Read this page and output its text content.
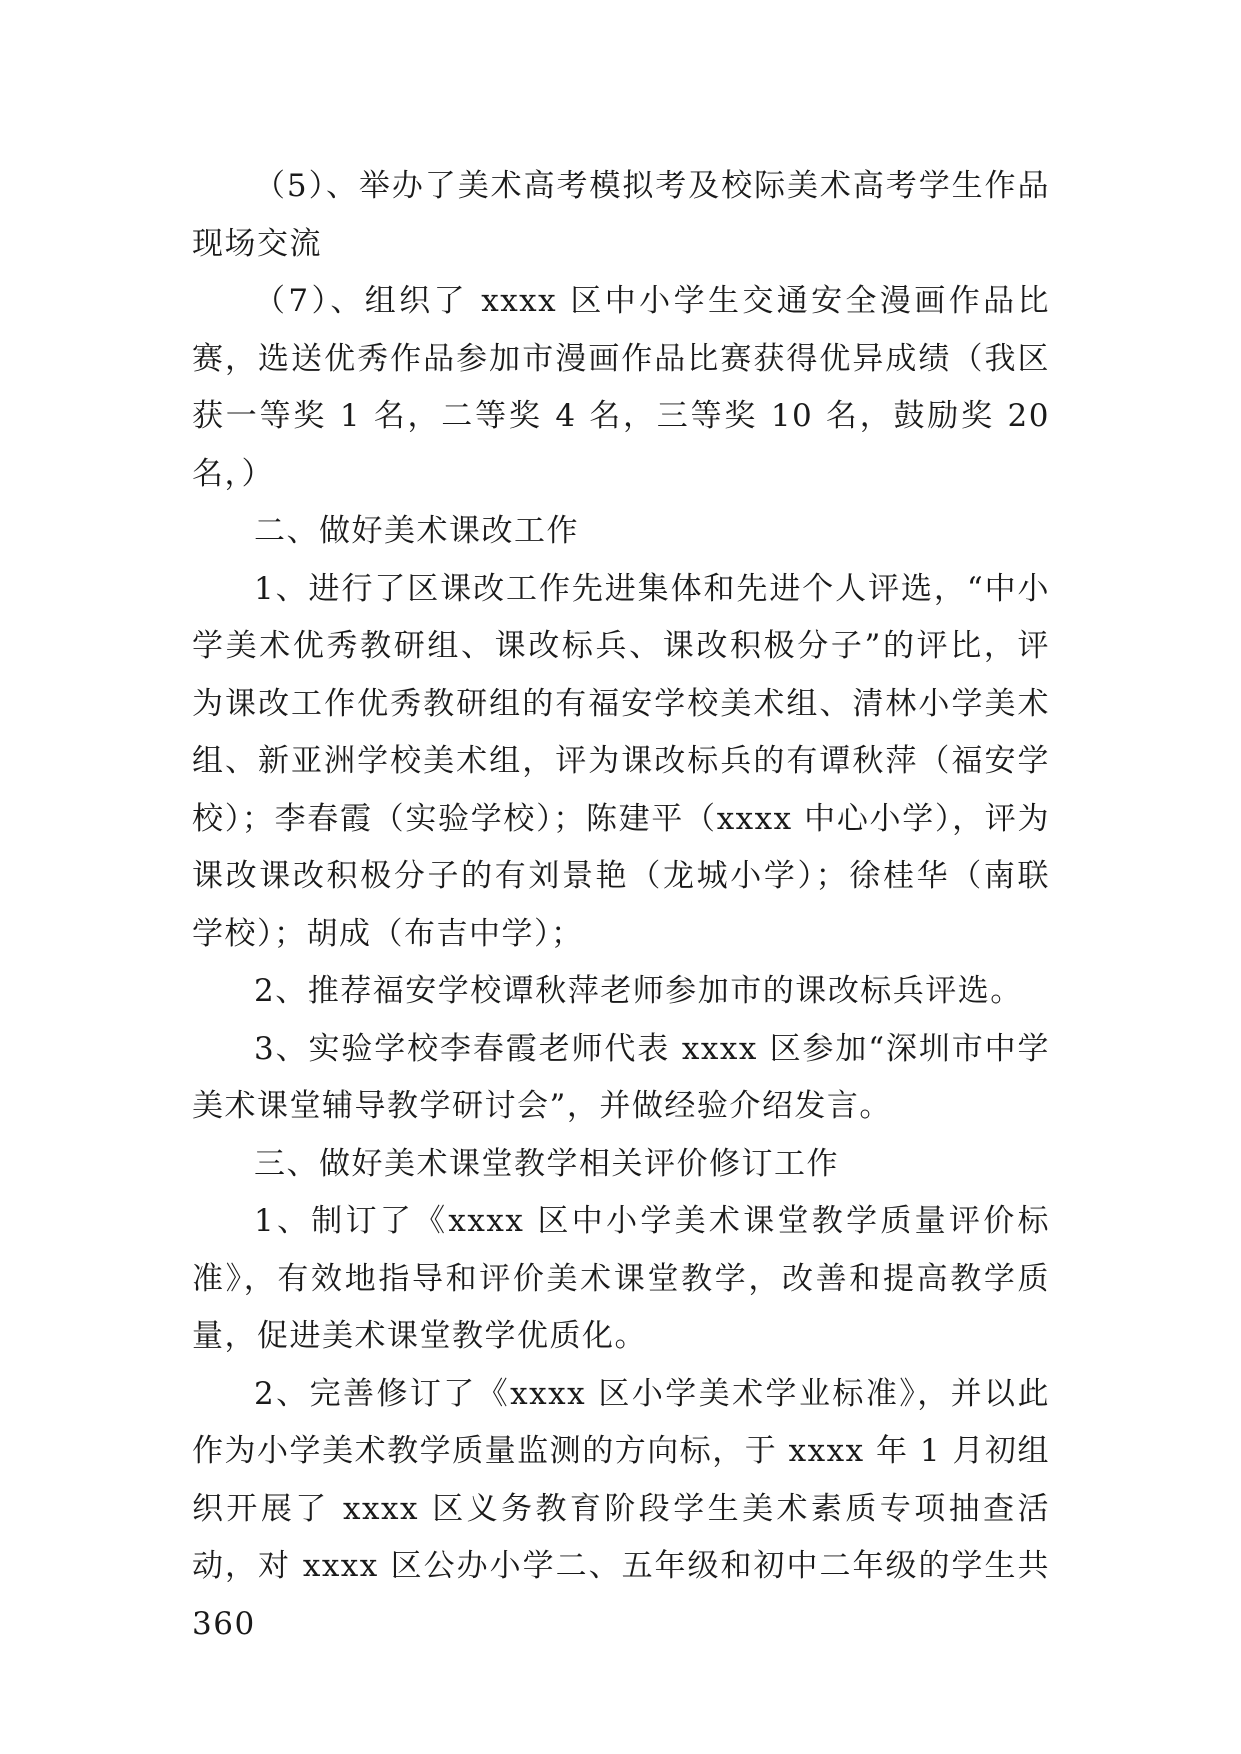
（5）、举办了美术高考模拟考及校际美术高考学生作品现场交流

（7）、组织了 xxxx 区中小学生交通安全漫画作品比赛，选送优秀作品参加市漫画作品比赛获得优异成绩（我区获一等奖 1 名，二等奖 4 名，三等奖 10 名，鼓励奖 20 名，）

二、做好美术课改工作

1、进行了区课改工作先进集体和先进个人评选，“中小学美术优秀教研组、课改标兵、课改积极分子”的评比，评为课改工作优秀教研组的有福安学校美术组、清林小学美术组、新亚洲学校美术组，评为课改标兵的有谭秋萍（福安学校）；李春霞（实验学校）；陈建平（xxxx 中心小学），评为课改课改积极分子的有刘景艳（龙城小学）；徐桂华（南联学校）；胡成（布吉中学）；

2、推荐福安学校谭秋萍老师参加市的课改标兵评选。

3、实验学校李春霞老师代表 xxxx 区参加“深圳市中学美术课堂辅导教学研讨会”，并做经验介绍发言。

三、做好美术课堂教学相关评价修订工作

1、制订了《xxxx 区中小学美术课堂教学质量评价标准》，有效地指导和评价美术课堂教学，改善和提高教学质量，促进美术课堂教学优质化。

2、完善修订了《xxxx 区小学美术学业标准》，并以此作为小学美术教学质量监测的方向标，于 xxxx 年 1 月初组织开展了 xxxx 区义务教育阶段学生美术素质专项抽查活动，对 xxxx 区公办小学二、五年级和初中二年级的学生共 360
